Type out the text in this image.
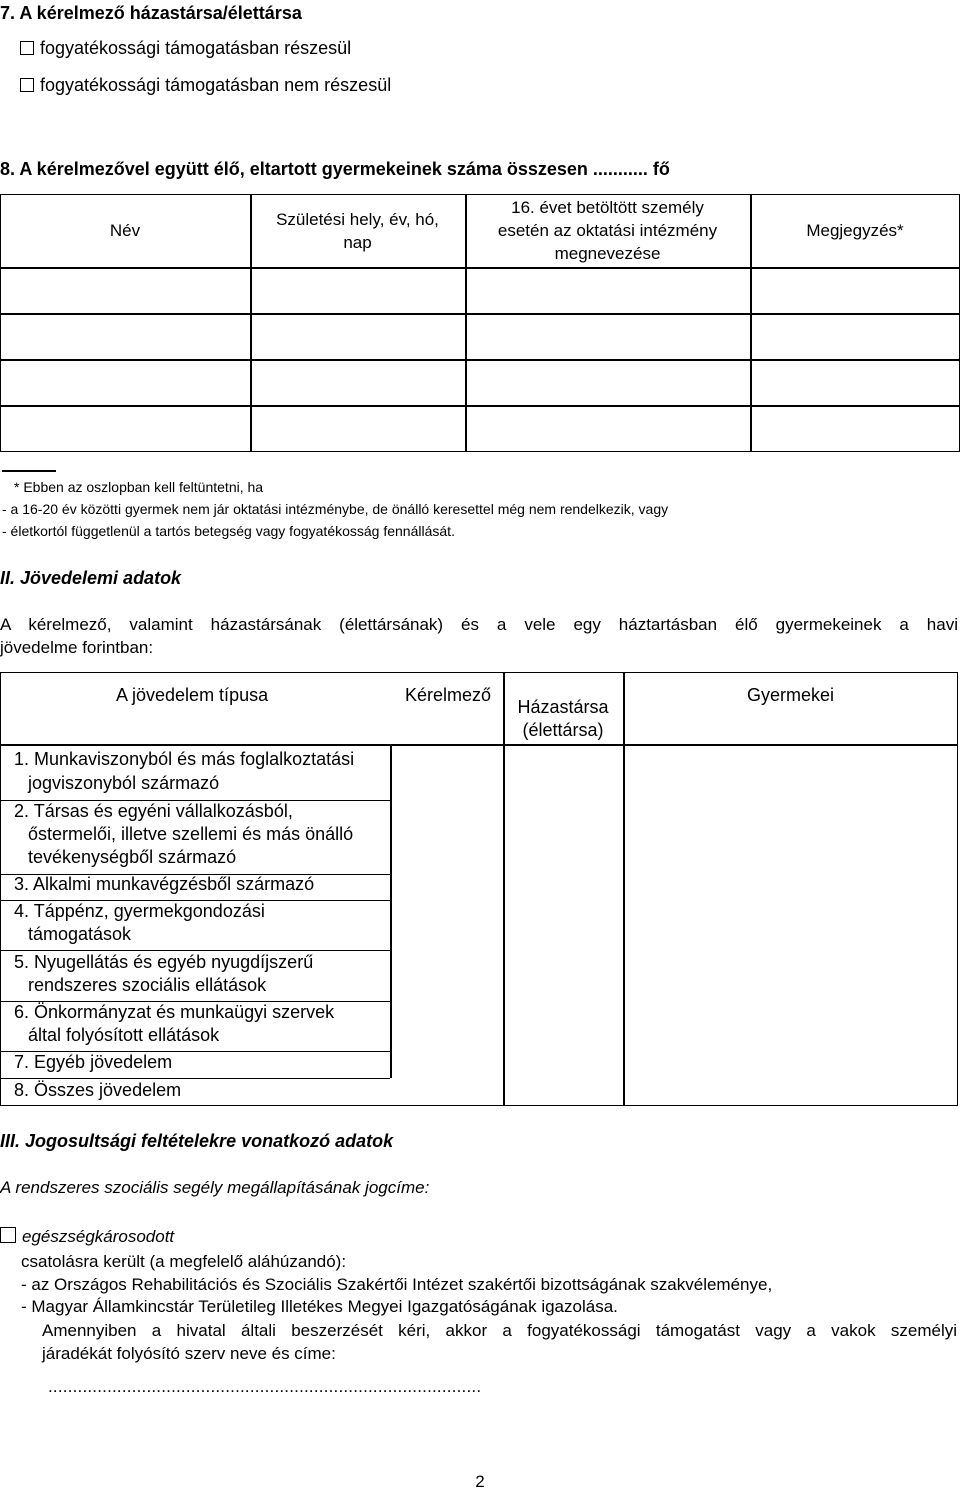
7. A kérelmező házastársa/élettársa
fogyatékossági támogatásban részesül
fogyatékossági támogatásban nem részesül
8. A kérelmezővel együtt élő, eltartott gyermekeinek száma összesen ........... fő
Név
Születési hely, év, hó,
nap
16. évet betöltött személy
esetén az oktatási intézmény
megnevezése
Megjegyzés*
* Ebben az oszlopban kell feltüntetni, ha
- a 16-20 év közötti gyermek nem jár oktatási intézménybe, de önálló keresettel még nem rendelkezik, vagy
- életkortól függetlenül a tartós betegség vagy fogyatékosság fennállását.
II. Jövedelemi adatok
A kérelmező, valamint házastársának (élettársának) és a vele egy háztartásban élő gyermekeinek a havi
jövedelme forintban:
A jövedelem típusa	Kérelmező
Házastársa
(élettársa)
Gyermekei
1. Munkaviszonyból és más foglalkoztatási
jogviszonyból származó
2. Társas és egyéni vállalkozásból,
őstermelői, illetve szellemi és más önálló
tevékenységből származó
3. Alkalmi munkavégzésből származó
4. Táppénz, gyermekgondozási
támogatások
5. Nyugellátás és egyéb nyugdíjszerű
rendszeres szociális ellátások
6. Önkormányzat és munkaügyi szervek
által folyósított ellátások
7. Egyéb jövedelem
8. Összes jövedelem
III. Jogosultsági feltételekre vonatkozó adatok
A rendszeres szociális segély megállapításának jogcíme:
egészségkárosodott
csatolásra került (a megfelelő aláhúzandó):
- az Országos Rehabilitációs és Szociális Szakértői Intézet szakértői bizottságának szakvéleménye,
- Magyar Államkincstár Területileg Illetékes Megyei Igazgatóságának igazolása.
Amennyiben a hivatal általi beszerzését kéri, akkor a fogyatékossági támogatást vagy a vakok személyi
járadékát folyósító szerv neve és címe:
........................................................................................
2
